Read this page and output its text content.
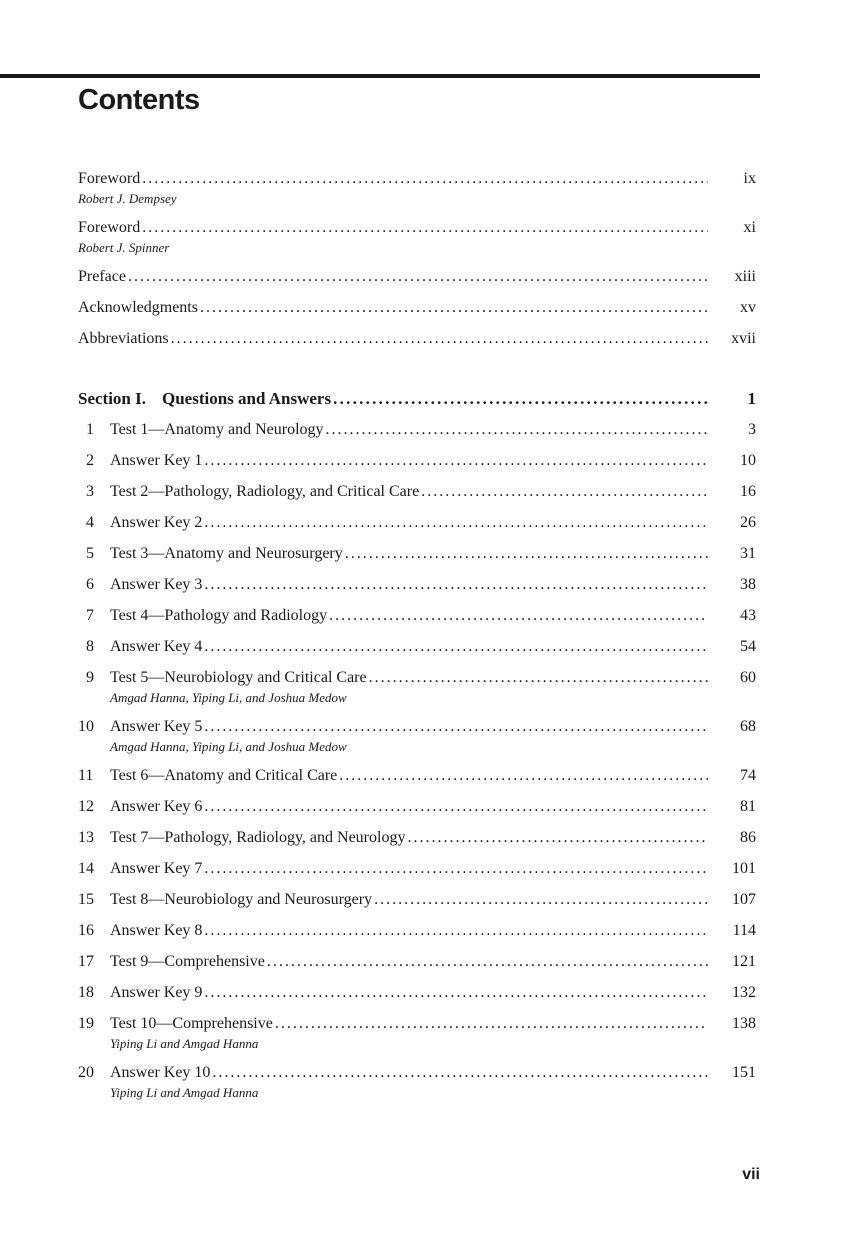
Contents
Foreword . . .	ix
Robert J. Dempsey
Foreword . . .	xi
Robert J. Spinner
Preface . . .	xiii
Acknowledgments . . .	xv
Abbreviations . . .	xvii
Section I. Questions and Answers . . .	1
1	Test 1—Anatomy and Neurology . . .	3
2	Answer Key 1 . . .	10
3	Test 2—Pathology, Radiology, and Critical Care . . .	16
4	Answer Key 2 . . .	26
5	Test 3—Anatomy and Neurosurgery . . .	31
6	Answer Key 3 . . .	38
7	Test 4—Pathology and Radiology . . .	43
8	Answer Key 4 . . .	54
9	Test 5—Neurobiology and Critical Care . . .	60
Amgad Hanna, Yiping Li, and Joshua Medow
10	Answer Key 5 . . .	68
Amgad Hanna, Yiping Li, and Joshua Medow
11	Test 6—Anatomy and Critical Care . . .	74
12	Answer Key 6 . . .	81
13	Test 7—Pathology, Radiology, and Neurology . . .	86
14	Answer Key 7 . . .	101
15	Test 8—Neurobiology and Neurosurgery . . .	107
16	Answer Key 8 . . .	114
17	Test 9—Comprehensive . . .	121
18	Answer Key 9 . . .	132
19	Test 10—Comprehensive . . .	138
Yiping Li and Amgad Hanna
20	Answer Key 10 . . .	151
Yiping Li and Amgad Hanna
vii
